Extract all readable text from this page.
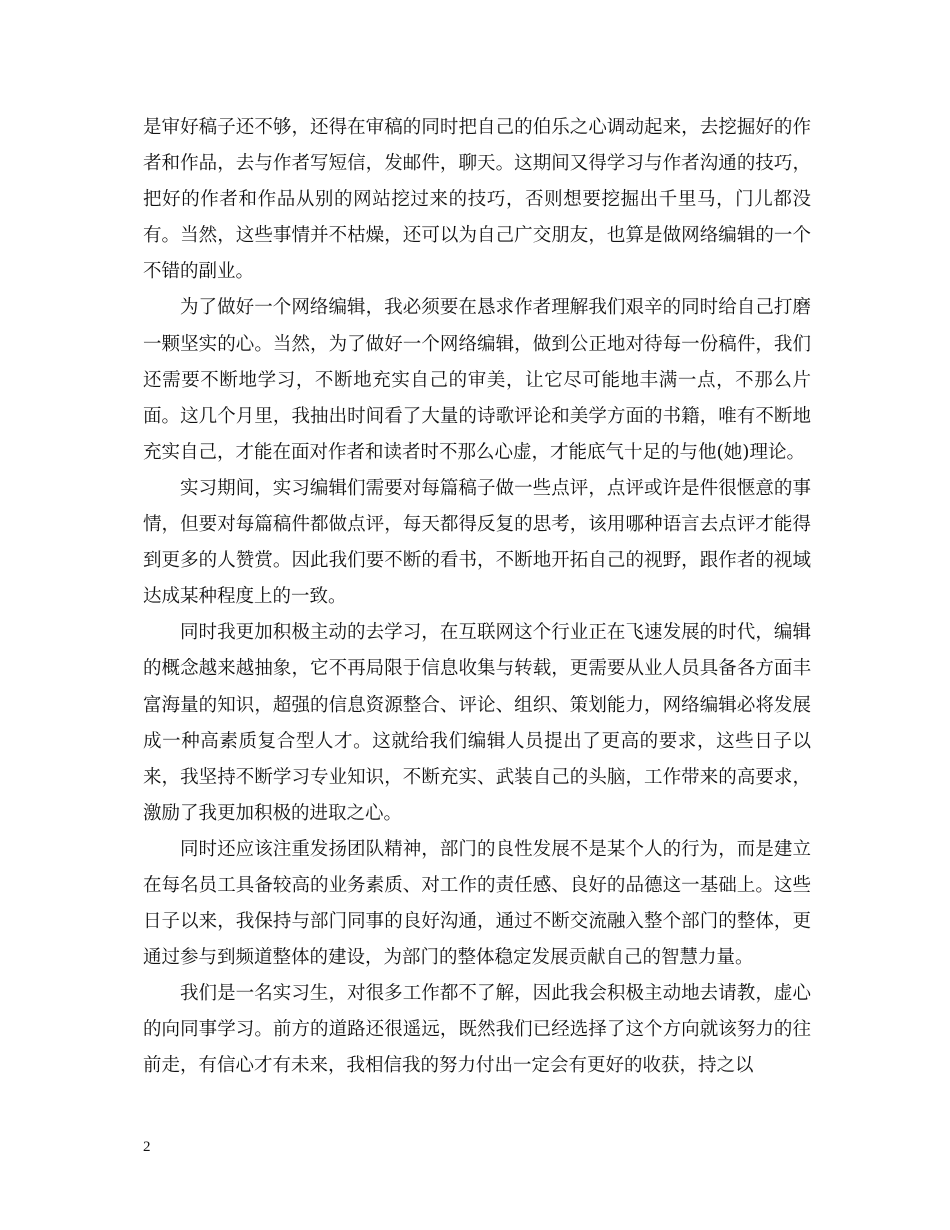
是审好稿子还不够，还得在审稿的同时把自己的伯乐之心调动起来，去挖掘好的作者和作品，去与作者写短信，发邮件，聊天。这期间又得学习与作者沟通的技巧，把好的作者和作品从别的网站挖过来的技巧，否则想要挖掘出千里马，门儿都没有。当然，这些事情并不枯燥，还可以为自己广交朋友，也算是做网络编辑的一个不错的副业。

为了做好一个网络编辑，我必须要在恳求作者理解我们艰辛的同时给自己打磨一颗坚实的心。当然，为了做好一个网络编辑，做到公正地对待每一份稿件，我们还需要不断地学习，不断地充实自己的审美，让它尽可能地丰满一点，不那么片面。这几个月里，我抽出时间看了大量的诗歌评论和美学方面的书籍，唯有不断地充实自己，才能在面对作者和读者时不那么心虚，才能底气十足的与他(她)理论。

实习期间，实习编辑们需要对每篇稿子做一些点评，点评或许是件很惬意的事情，但要对每篇稿件都做点评，每天都得反复的思考，该用哪种语言去点评才能得到更多的人赞赏。因此我们要不断的看书，不断地开拓自己的视野，跟作者的视域达成某种程度上的一致。

同时我更加积极主动的去学习，在互联网这个行业正在飞速发展的时代，编辑的概念越来越抽象，它不再局限于信息收集与转载，更需要从业人员具备各方面丰富海量的知识，超强的信息资源整合、评论、组织、策划能力，网络编辑必将发展成一种高素质复合型人才。这就给我们编辑人员提出了更高的要求，这些日子以来，我坚持不断学习专业知识，不断充实、武装自己的头脑，工作带来的高要求，激励了我更加积极的进取之心。

同时还应该注重发扬团队精神，部门的良性发展不是某个人的行为，而是建立在每名员工具备较高的业务素质、对工作的责任感、良好的品德这一基础上。这些日子以来，我保持与部门同事的良好沟通，通过不断交流融入整个部门的整体，更通过参与到频道整体的建设，为部门的整体稳定发展贡献自己的智慧力量。

我们是一名实习生，对很多工作都不了解，因此我会积极主动地去请教，虚心的向同事学习。前方的道路还很遥远，既然我们已经选择了这个方向就该努力的往前走，有信心才有未来，我相信我的努力付出一定会有更好的收获，持之以

2
